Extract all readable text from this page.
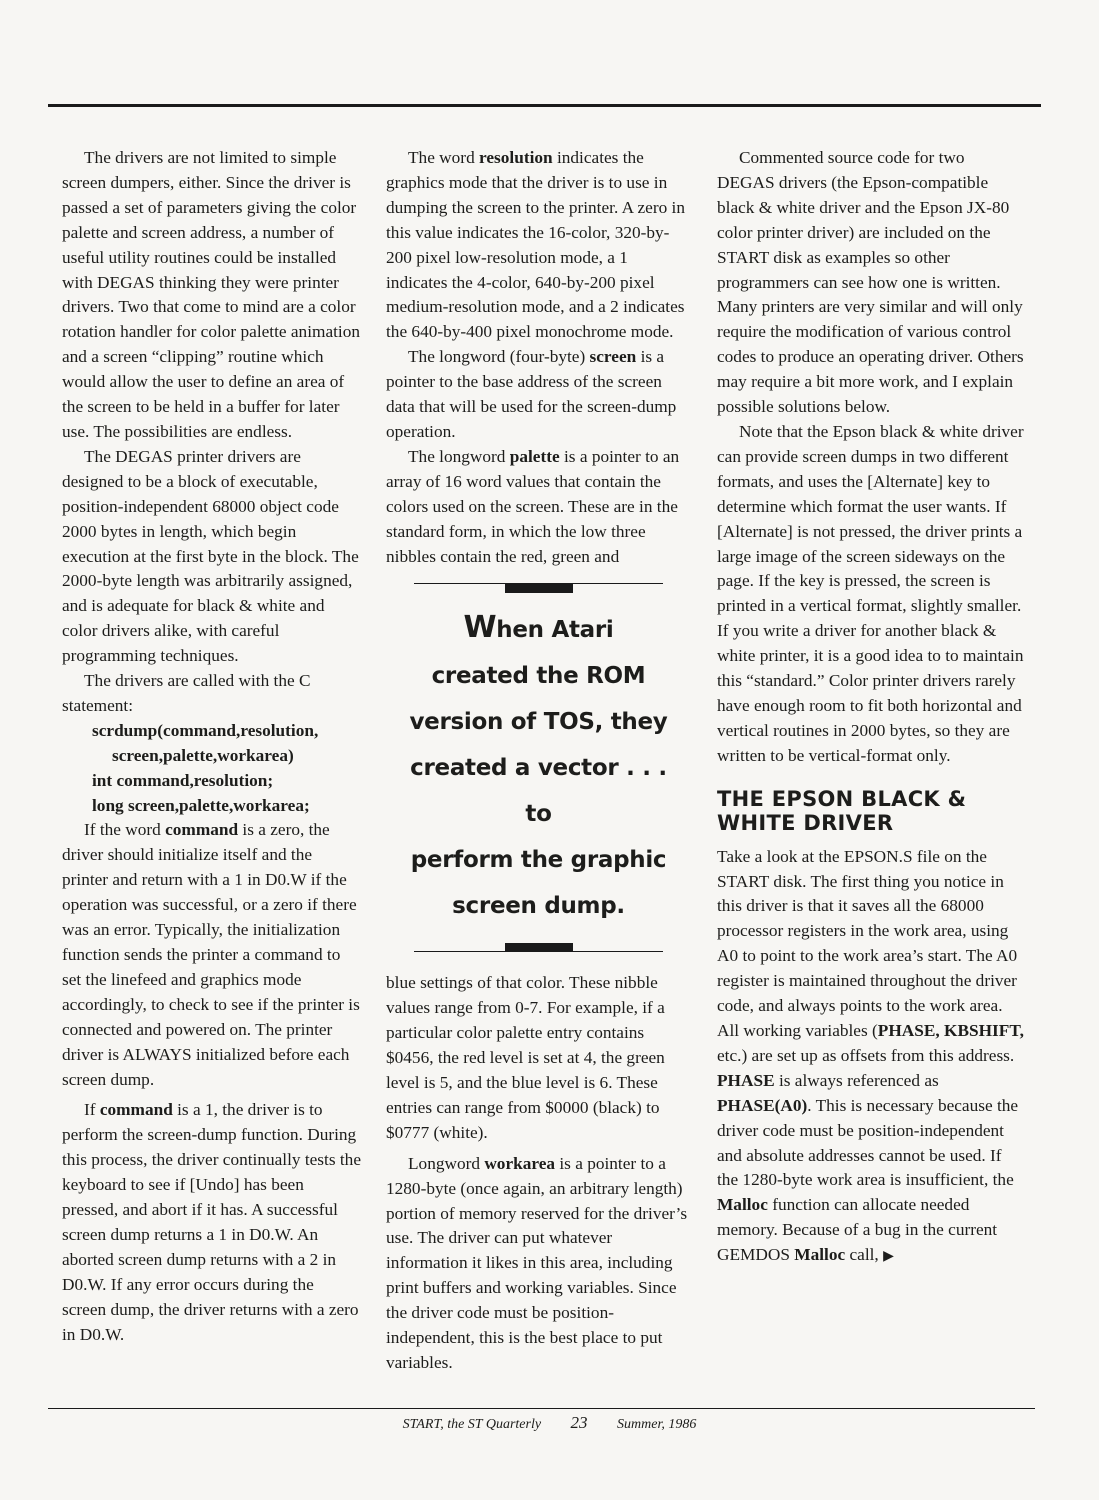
The drivers are not limited to simple screen dumpers, either. Since the driver is passed a set of parameters giving the color palette and screen address, a number of useful utility routines could be installed with DEGAS thinking they were printer drivers. Two that come to mind are a color rotation handler for color palette animation and a screen “clipping” routine which would allow the user to define an area of the screen to be held in a buffer for later use. The possibilities are endless.

The DEGAS printer drivers are designed to be a block of executable, position-independent 68000 object code 2000 bytes in length, which begin execution at the first byte in the block. The 2000-byte length was arbitrarily assigned, and is adequate for black & white and color drivers alike, with careful programming techniques.

The drivers are called with the C statement:

scrdump(command,resolution,
screen,palette,workarea)
int command,resolution;
long screen,palette,workarea;

If the word command is a zero, the driver should initialize itself and the printer and return with a 1 in D0.W if the operation was successful, or a zero if there was an error. Typically, the initialization function sends the printer a command to set the linefeed and graphics mode accordingly, to check to see if the printer is connected and powered on. The printer driver is ALWAYS initialized before each screen dump.

If command is a 1, the driver is to perform the screen-dump function. During this process, the driver continually tests the keyboard to see if [Undo] has been pressed, and abort if it has. A successful screen dump returns a 1 in D0.W. An aborted screen dump returns with a 2 in D0.W. If any error occurs during the screen dump, the driver returns with a zero in D0.W.

The word resolution indicates the graphics mode that the driver is to use in dumping the screen to the printer. A zero in this value indicates the 16-color, 320-by-200 pixel low-resolution mode, a 1 indicates the 4-color, 640-by-200 pixel medium-resolution mode, and a 2 indicates the 640-by-400 pixel monochrome mode.

The longword (four-byte) screen is a pointer to the base address of the screen data that will be used for the screen-dump operation.

The longword palette is a pointer to an array of 16 word values that contain the colors used on the screen. These are in the standard form, in which the low three nibbles contain the red, green and

When Atari
created the ROM
version of TOS, they
created a vector . . . to
perform the graphic
screen dump.

blue settings of that color. These nibble values range from 0-7. For example, if a particular color palette entry contains $0456, the red level is set at 4, the green level is 5, and the blue level is 6. These entries can range from $0000 (black) to $0777 (white).

Longword workarea is a pointer to a 1280-byte (once again, an arbitrary length) portion of memory reserved for the driver’s use. The driver can put whatever information it likes in this area, including print buffers and working variables. Since the driver code must be position-independent, this is the best place to put variables.

Commented source code for two DEGAS drivers (the Epson-compatible black & white driver and the Epson JX-80 color printer driver) are included on the START disk as examples so other programmers can see how one is written. Many printers are very similar and will only require the modification of various control codes to produce an operating driver. Others may require a bit more work, and I explain possible solutions below.

Note that the Epson black & white driver can provide screen dumps in two different formats, and uses the [Alternate] key to determine which format the user wants. If [Alternate] is not pressed, the driver prints a large image of the screen sideways on the page. If the key is pressed, the screen is printed in a vertical format, slightly smaller. If you write a driver for another black & white printer, it is a good idea to to maintain this “standard.” Color printer drivers rarely have enough room to fit both horizontal and vertical routines in 2000 bytes, so they are written to be vertical-format only.

THE EPSON BLACK &
WHITE DRIVER

Take a look at the EPSON.S file on the START disk. The first thing you notice in this driver is that it saves all the 68000 processor registers in the work area, using A0 to point to the work area’s start. The A0 register is maintained throughout the driver code, and always points to the work area. All working variables (PHASE, KBSHIFT, etc.) are set up as offsets from this address. PHASE is always referenced as PHASE(A0). This is necessary because the driver code must be position-independent and absolute addresses cannot be used. If the 1280-byte work area is insufficient, the Malloc function can allocate needed memory. Because of a bug in the current GEMDOS Malloc call, ▶

START, the ST Quarterly 23 Summer, 1986
